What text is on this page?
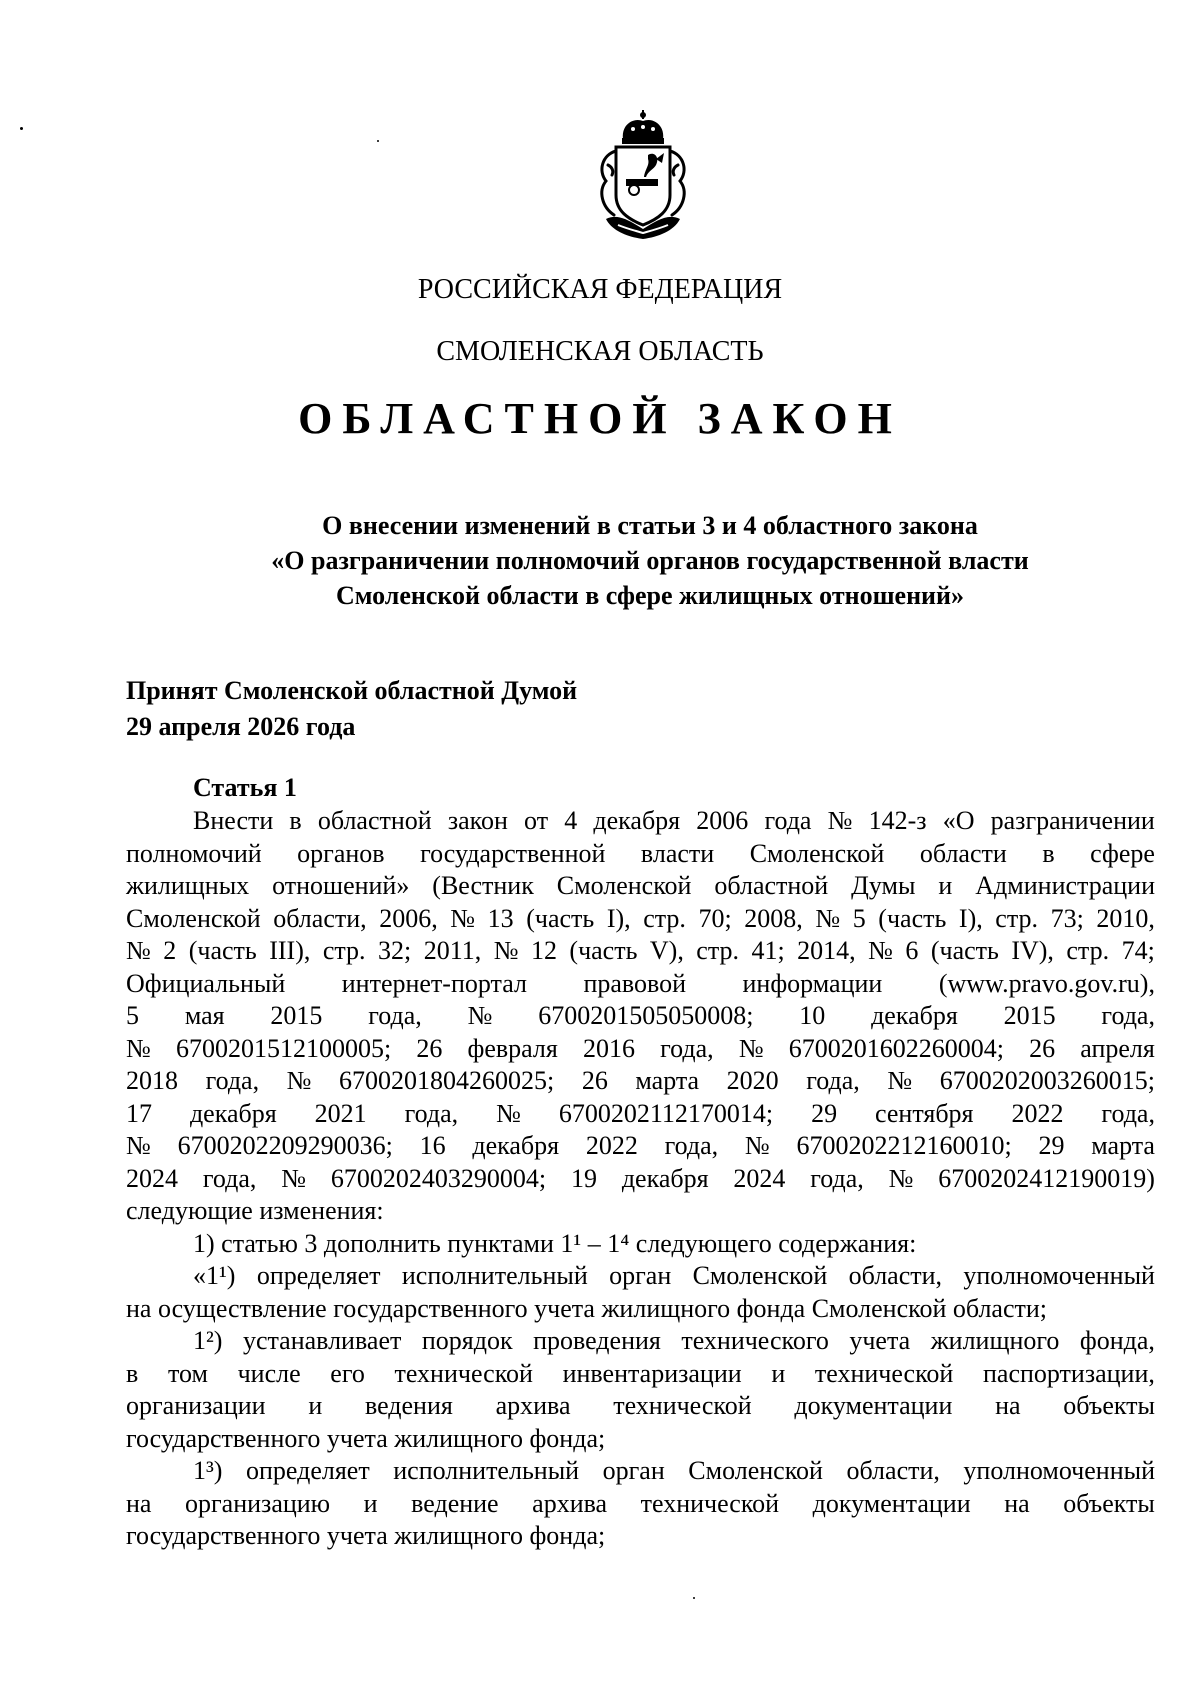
РОССИЙСКАЯ ФЕДЕРАЦИЯ
СМОЛЕНСКАЯ ОБЛАСТЬ
ОБЛАСТНОЙ ЗАКОН
О внесении изменений в статьи 3 и 4 областного закона
«О разграничении полномочий органов государственной власти
Смоленской области в сфере жилищных отношений»
Принят Смоленской областной Думой
29 апреля 2026 года
Статья 1
Внести в областной закон от 4 декабря 2006 года № 142-з «О разграничении
полномочий органов государственной власти Смоленской области в сфере
жилищных отношений» (Вестник Смоленской областной Думы и Администрации
Смоленской области, 2006, № 13 (часть I), стр. 70; 2008, № 5 (часть I), стр. 73; 2010,
№ 2 (часть III), стр. 32; 2011, № 12 (часть V), стр. 41; 2014, № 6 (часть IV), стр. 74;
Официальный интернет-портал правовой информации (www.pravo.gov.ru),
5 мая 2015 года, № 6700201505050008; 10 декабря 2015 года,
№ 6700201512100005; 26 февраля 2016 года, № 6700201602260004; 26 апреля
2018 года, № 6700201804260025; 26 марта 2020 года, № 6700202003260015;
17 декабря 2021 года, № 6700202112170014; 29 сентября 2022 года,
№ 6700202209290036; 16 декабря 2022 года, № 6700202212160010; 29 марта
2024 года, № 6700202403290004; 19 декабря 2024 года, № 6700202412190019)
следующие изменения:
1) статью 3 дополнить пунктами 1¹ – 1⁴ следующего содержания:
«1¹) определяет исполнительный орган Смоленской области, уполномоченный
на осуществление государственного учета жилищного фонда Смоленской области;
1²) устанавливает порядок проведения технического учета жилищного фонда,
в том числе его технической инвентаризации и технической паспортизации,
организации и ведения архива технической документации на объекты
государственного учета жилищного фонда;
1³) определяет исполнительный орган Смоленской области, уполномоченный
на организацию и ведение архива технической документации на объекты
государственного учета жилищного фонда;
